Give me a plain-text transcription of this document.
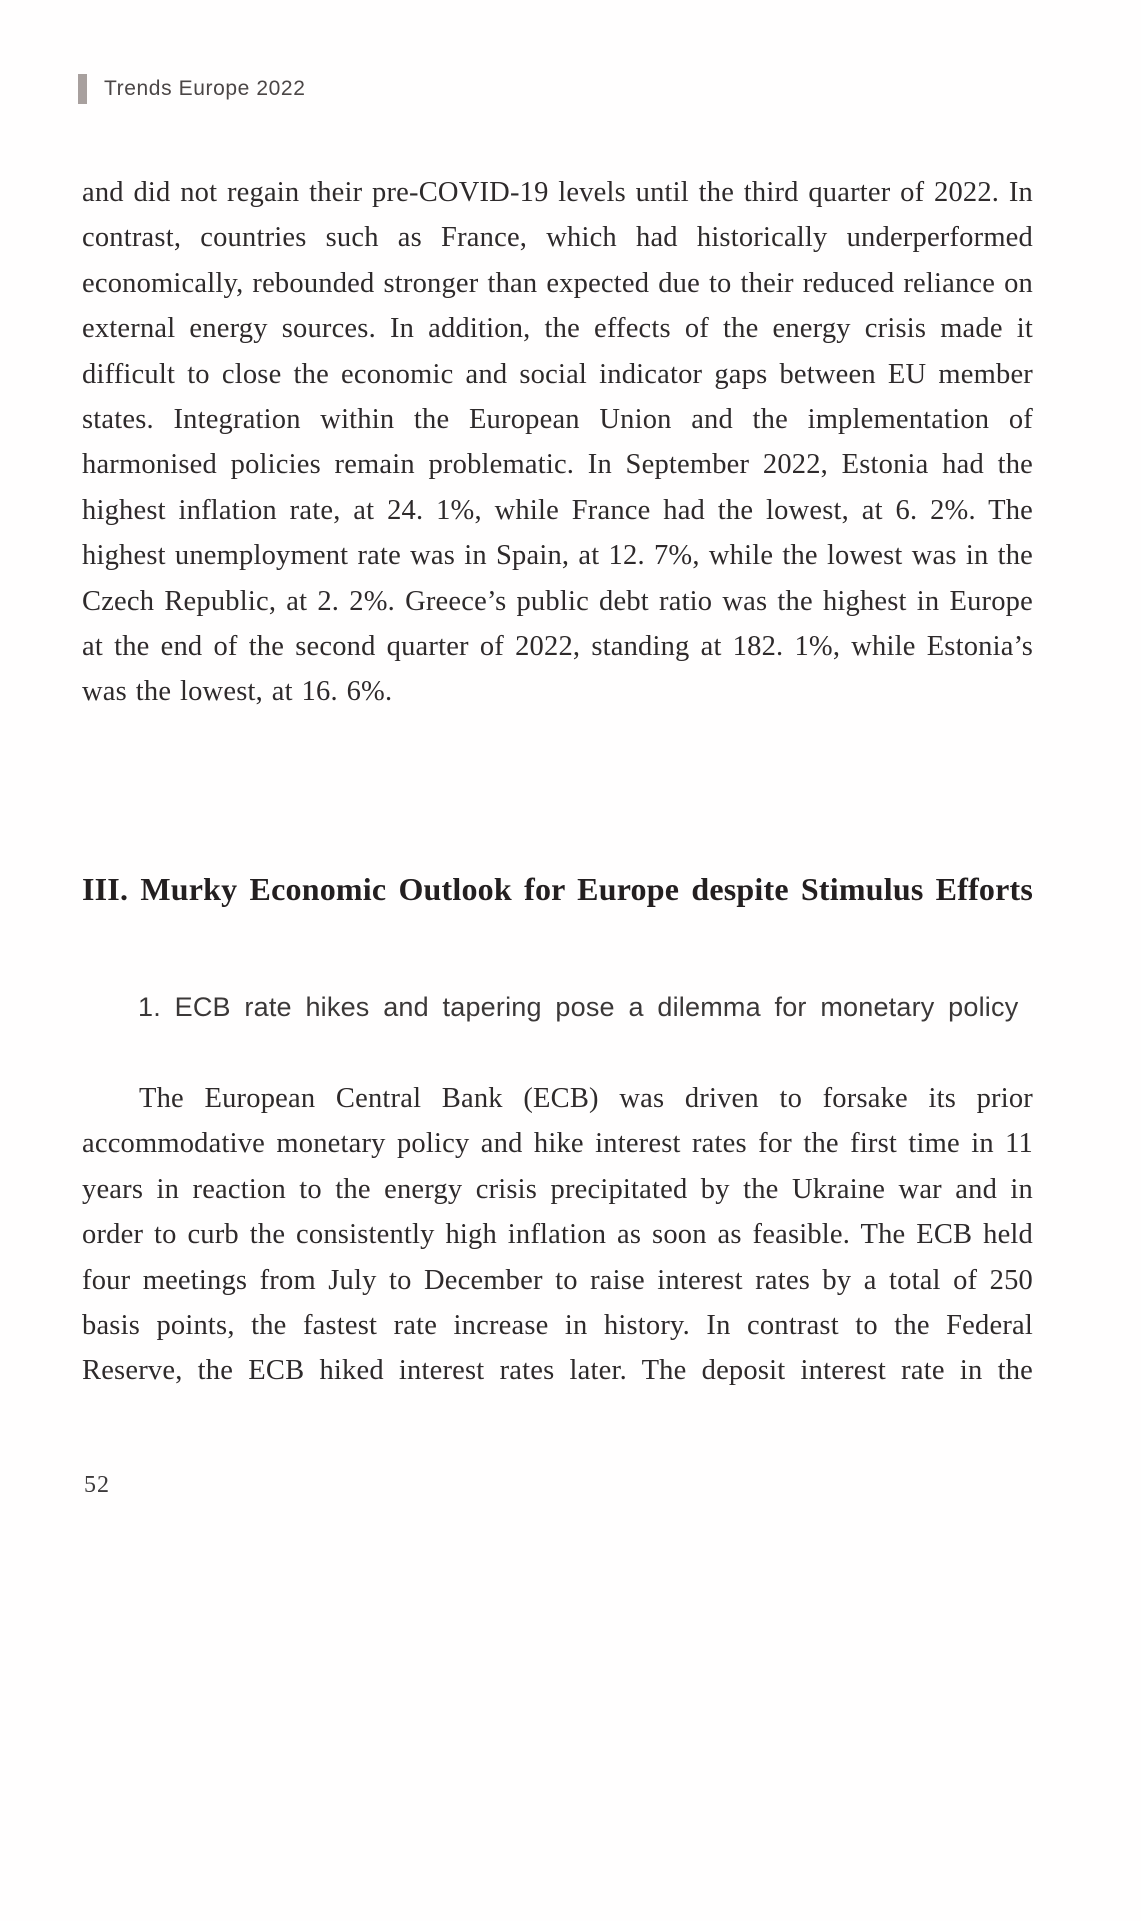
Trends Europe 2022

and did not regain their pre-COVID-19 levels until the third quarter of 2022. In contrast, countries such as France, which had historically underperformed economically, rebounded stronger than expected due to their reduced reliance on external energy sources. In addition, the effects of the energy crisis made it difficult to close the economic and social indicator gaps between EU member states. Integration within the European Union and the implementation of harmonised policies remain problematic. In September 2022, Estonia had the highest inflation rate, at 24. 1%, while France had the lowest, at 6. 2%. The highest unemployment rate was in Spain, at 12. 7%, while the lowest was in the Czech Republic, at 2. 2%. Greece’s public debt ratio was the highest in Europe at the end of the second quarter of 2022, standing at 182. 1%, while Estonia’s was the lowest, at 16. 6%.

III. Murky Economic Outlook for Europe despite Stimulus Efforts
1. ECB rate hikes and tapering pose a dilemma for monetary policy

The European Central Bank (ECB) was driven to forsake its prior accommodative monetary policy and hike interest rates for the first time in 11 years in reaction to the energy crisis precipitated by the Ukraine war and in order to curb the consistently high inflation as soon as feasible. The ECB held four meetings from July to December to raise interest rates by a total of 250 basis points, the fastest rate increase in history. In contrast to the Federal Reserve, the ECB hiked interest rates later. The deposit interest rate in the

52
